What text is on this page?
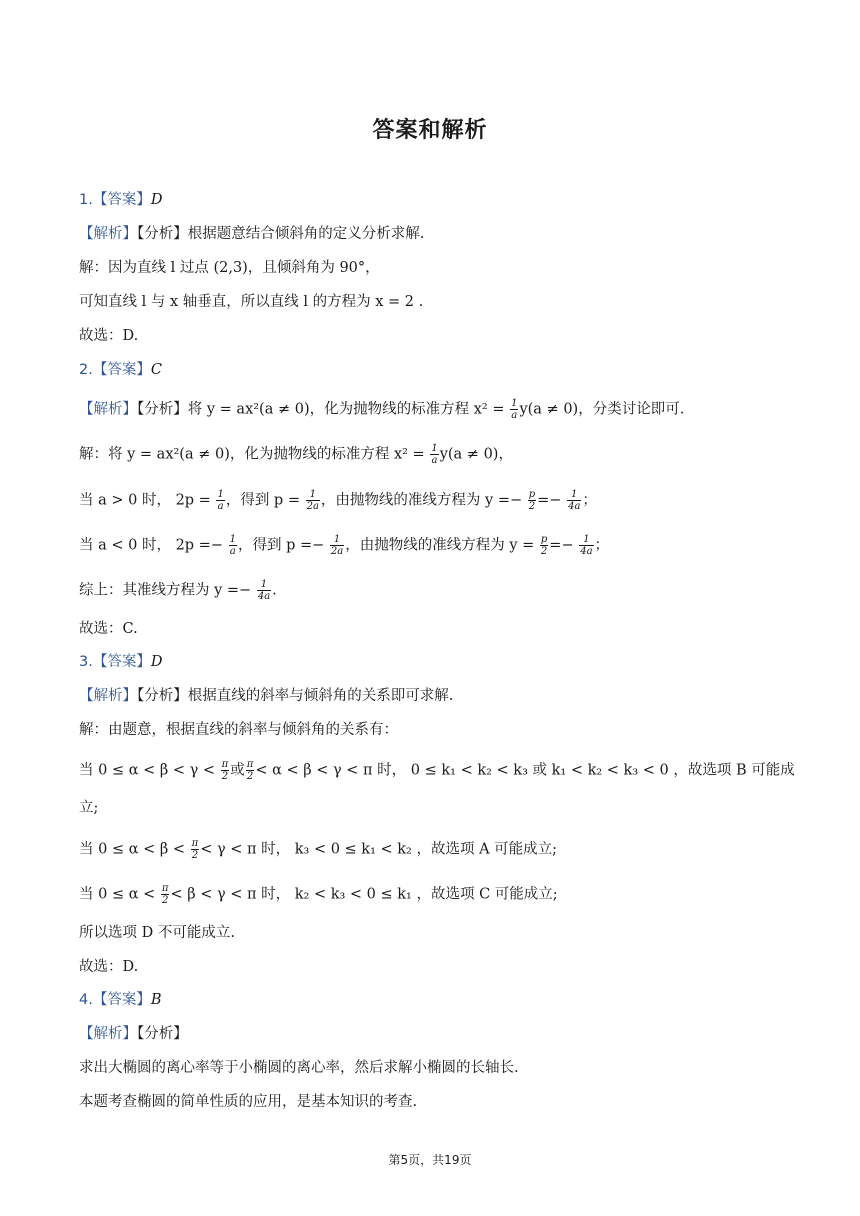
答案和解析
1.【答案】D
【解析】【分析】根据题意结合倾斜角的定义分析求解.
解：因为直线 l 过点 (2,3)，且倾斜角为 90°，
可知直线 l 与 x 轴垂直，所以直线 l 的方程为 x = 2 .
故选：D.
2.【答案】C
【解析】【分析】将 y = ax²(a ≠ 0)，化为抛物线的标准方程 $x^2 = \frac{1}{a} y(a \ne 0)$，分类讨论即可.
解：将 y = ax²(a ≠ 0)，化为抛物线的标准方程 $x^2 = \frac{1}{a} y(a \ne 0)$，
当 a > 0 时， $2p = \frac{1}{a}$ ，得到 $p = \frac{1}{2a}$ ，由抛物线的准线方程为 $y =- \frac{p}{2} =- \frac{1}{4a}$ ；
当 a < 0 时， $2p =- \frac{1}{a}$ ，得到 $p =- \frac{1}{2a}$ ，由抛物线的准线方程为 $y = \frac{p}{2} =- \frac{1}{4a}$ ；
综上：其准线方程为 $y =- \frac{1}{4a}$ .
故选：C.
3.【答案】D
【解析】【分析】根据直线的斜率与倾斜角的关系即可求解.
解：由题意，根据直线的斜率与倾斜角的关系有：
当 $0 \le \alpha < \beta < \gamma < \frac{\pi}{2}$ 或 $\frac{\pi}{2} < \alpha < \beta < \gamma < \pi$ 时， 0 ≤ k₁ < k₂ < k₃ 或 k₁ < k₂ < k₃ < 0 ，故选项 B 可能成
立;
当 $0 \le \alpha < \beta < \frac{\pi}{2} < \gamma < \pi$ 时， k₃ < 0 ≤ k₁ < k₂ ，故选项 A 可能成立;
当 $0 \le \alpha < \frac{\pi}{2} < \beta < \gamma < \pi$ 时， k₂ < k₃ < 0 ≤ k₁ ，故选项 C 可能成立;
所以选项 D 不可能成立.
故选：D.
4.【答案】B
【解析】【分析】
求出大椭圆的离心率等于小椭圆的离心率，然后求解小椭圆的长轴长.
本题考查椭圆的简单性质的应用，是基本知识的考查.
第5页，共19页
